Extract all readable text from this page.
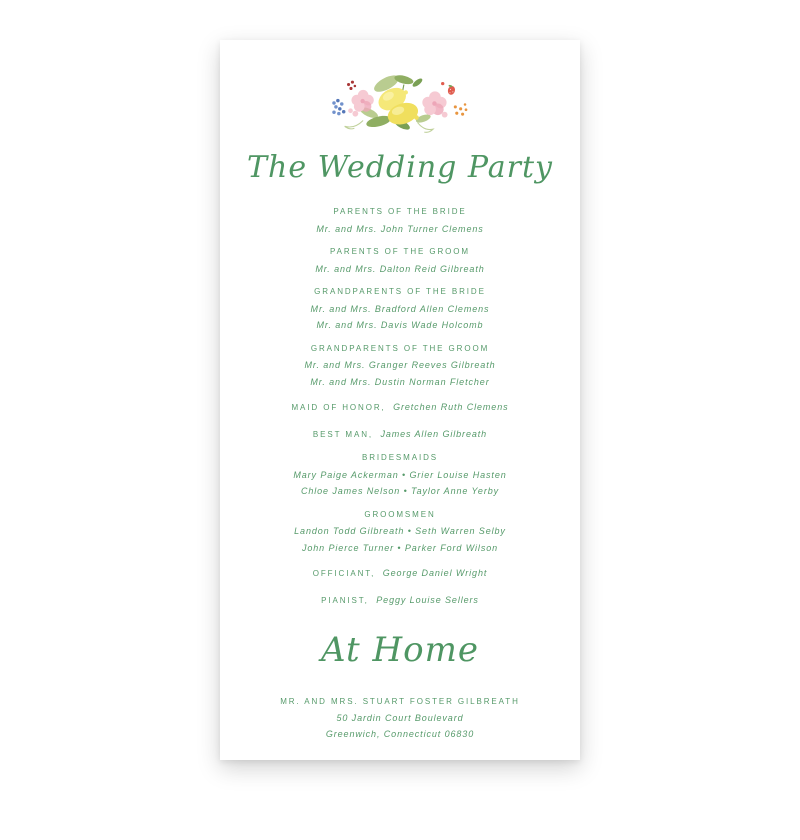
The Wedding Party
PARENTS OF THE BRIDE
Mr. and Mrs. John Turner Clemens
PARENTS OF THE GROOM
Mr. and Mrs. Dalton Reid Gilbreath
GRANDPARENTS OF THE BRIDE
Mr. and Mrs. Bradford Allen Clemens
Mr. and Mrs. Davis Wade Holcomb
GRANDPARENTS OF THE GROOM
Mr. and Mrs. Granger Reeves Gilbreath
Mr. and Mrs. Dustin Norman Fletcher
MAID OF HONOR, Gretchen Ruth Clemens
BEST MAN, James Allen Gilbreath
BRIDESMAIDS
Mary Paige Ackerman • Grier Louise Hasten
Chloe James Nelson • Taylor Anne Yerby
GROOMSMEN
Landon Todd Gilbreath • Seth Warren Selby
John Pierce Turner • Parker Ford Wilson
OFFICIANT, George Daniel Wright
PIANIST, Peggy Louise Sellers
At Home
MR. AND MRS. STUART FOSTER GILBREATH
50 Jardin Court Boulevard
Greenwich, Connecticut 06830
